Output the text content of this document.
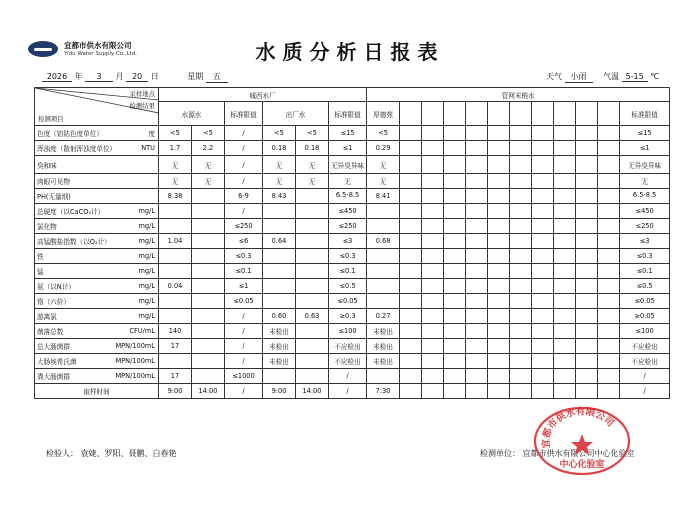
宜都市供水有限公司
Yidu Water Supply Co.,Ltd.	水质分析日报表
2026 年 3 月 20 日	星期 五	天气 小雨 气温 5-15 ℃
采样地点
检测结果
检测项目	城西水厂						管网末梢水											
	水源水		标准限值	出厂水		标准限值	厚德苑											标准限值
色度（铂钴色度单位） 度	<5	<5	/	<5	<5	≤15	<5											≤15
浑浊度（散射浑浊度单位） NTU	1.7	2.2	/	0.18	0.18	≤1	0.29											≤1
臭和味	无	无	/	无	无	无异臭异味	无											无异臭异味
肉眼可见物	无	无	/	无	无	无	无											无
PH(无量纲)	8.38		6-9	8.43		6.5-8.5	8.41											6.5-8.5
总硬度（以CaCO₃计） mg/L			/			≤450												≤450
氯化物 mg/L			≤250			≤250												≤250
高锰酸盐指数（以O₂计） mg/L	1.04		≤6	0.64		≤3	0.68											≤3
铁 mg/L			≤0.3			≤0.3												≤0.3
锰 mg/L			≤0.1			≤0.1												≤0.1
氨（以N计） mg/L	0.04		≤1			≤0.5												≤0.5
铬（六价） mg/L			≤0.05			≤0.05												≤0.05
游离氯 mg/L			/	0.60	0.63	≥0.3	0.27											≥0.05
菌落总数 CFU/mL	140		/	未检出		≤100	未检出											≤100
总大肠菌群 MPN/100mL	17		/	未检出		不应检出	未检出											不应检出
大肠埃希氏菌 MPN/100mL			/	未检出		不应检出	未检出											不应检出
粪大肠菌群 MPN/100mL	17		≤1000			/												/
取样时间	9:00	14:00	/	9:00	14:00	/	7:30											/
检验人： 袁婕、罗阳、聂鹏、白春艳	检测单位： 宜都市供水有限公司中心化验室
宜都市供水有限公司
中心化验室
